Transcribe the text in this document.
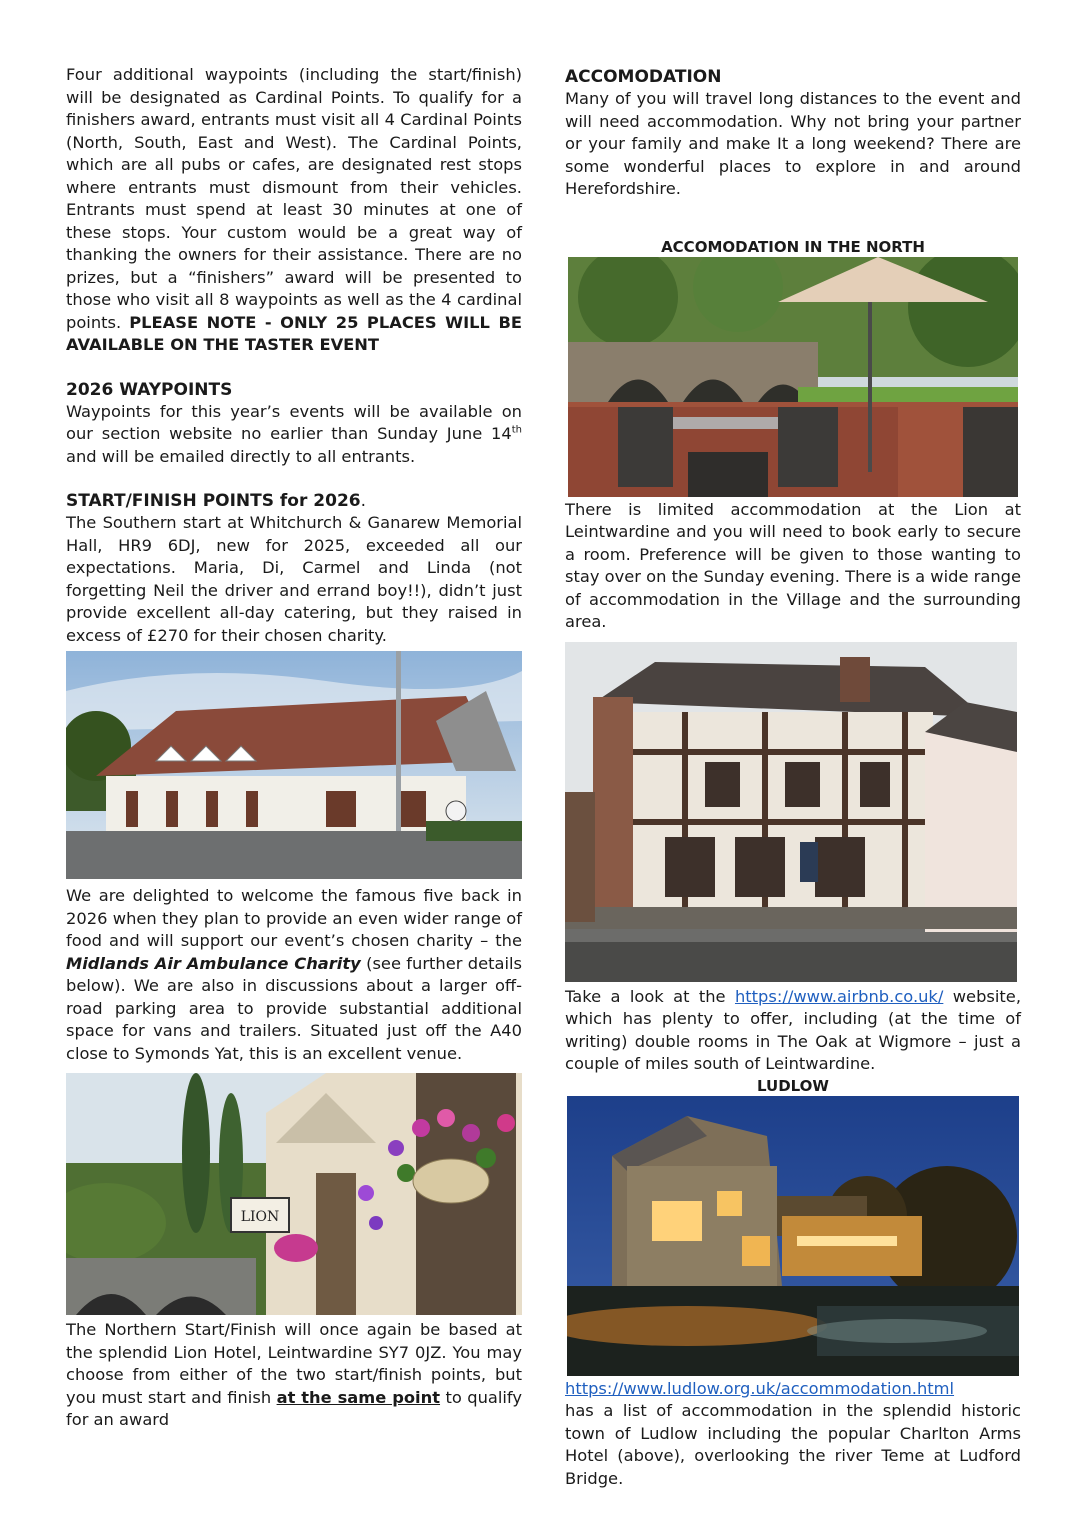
Four additional waypoints (including the start/finish) will be designated as Cardinal Points. To qualify for a finishers award, entrants must visit all 4 Cardinal Points (North, South, East and West). The Cardinal Points, which are all pubs or cafes, are designated rest stops where entrants must dismount from their vehicles. Entrants must spend at least 30 minutes at one of these stops. Your custom would be a great way of thanking the owners for their assistance. There are no prizes, but a “finishers” award will be presented to those who visit all 8 waypoints as well as the 4 cardinal points. PLEASE NOTE - ONLY 25 PLACES WILL BE AVAILABLE ON THE TASTER EVENT

2026 WAYPOINTS

Waypoints for this year’s events will be available on our section website no earlier than Sunday June 14th and will be emailed directly to all entrants.

START/FINISH POINTS for 2026.

The Southern start at Whitchurch & Ganarew Memorial Hall, HR9 6DJ, new for 2025, exceeded all our expectations. Maria, Di, Carmel and Linda (not forgetting Neil the driver and errand boy!!), didn’t just provide excellent all-day catering, but they raised in excess of £270 for their chosen charity.

We are delighted to welcome the famous five back in 2026 when they plan to provide an even wider range of food and will support our event’s chosen charity – the Midlands Air Ambulance Charity (see further details below). We are also in discussions about a larger off-road parking area to provide substantial additional space for vans and trailers. Situated just off the A40 close to Symonds Yat, this is an excellent venue.

LION

The Northern Start/Finish will once again be based at the splendid Lion Hotel, Leintwardine SY7 0JZ. You may choose from either of the two start/finish points, but you must start and finish at the same point to qualify for an award

ACCOMODATION

Many of you will travel long distances to the event and will need accommodation. Why not bring your partner or your family and make It a long weekend? There are some wonderful places to explore in and around Herefordshire.

ACCOMODATION IN THE NORTH

There is limited accommodation at the Lion at Leintwardine and you will need to book early to secure a room. Preference will be given to those wanting to stay over on the Sunday evening. There is a wide range of accommodation in the Village and the surrounding area.

Take a look at the https://www.airbnb.co.uk/ website, which has plenty to offer, including (at the time of writing) double rooms in The Oak at Wigmore – just a couple of miles south of Leintwardine.

LUDLOW

https://www.ludlow.org.uk/accommodation.html
has a list of accommodation in the splendid historic town of Ludlow including the popular Charlton Arms Hotel (above), overlooking the river Teme at Ludford Bridge.
